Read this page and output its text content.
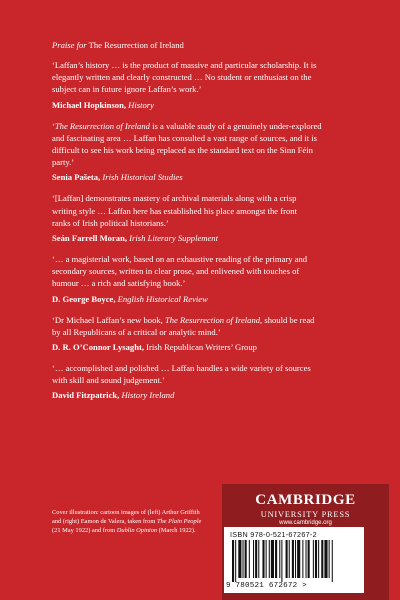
Praise for The Resurrection of Ireland

‘Laffan’s history … is the product of massive and particular scholarship. It is
elegantly written and clearly constructed … No student or enthusiast on the
subject can in future ignore Laffan’s work.’
Michael Hopkinson, History
‘The Resurrection of Ireland is a valuable study of a genuinely under-explored
and fascinating area … Laffan has consulted a vast range of sources, and it is
difficult to see his work being replaced as the standard text on the Sinn Féin
party.’
Senia Pašeta, Irish Historical Studies
‘[Laffan] demonstrates mastery of archival materials along with a crisp
writing style … Laffan here has established his place amongst the front
ranks of Irish political historians.’
Seán Farrell Moran, Irish Literary Supplement
‘… a magisterial work, based on an exhaustive reading of the primary and
secondary sources, written in clear prose, and enlivened with touches of
humour … a rich and satisfying book.’
D. George Boyce, English Historical Review
‘Dr Michael Laffan’s new book, The Resurrection of Ireland, should be read
by all Republicans of a critical or analytic mind.’
D. R. O’Connor Lysaght, Irish Republican Writers’ Group
‘… accomplished and polished … Laffan handles a wide variety of sources
with skill and sound judgement.’
David Fitzpatrick, History Ireland
Cover illustration: cartoon images of (left) Arthur Griffith and (right) Eamon de Valera, taken from The Plain People (21 May 1922) and from Dublin Opinion (March 1922).
CAMBRIDGE
UNIVERSITY PRESS
www.cambridge.org
ISBN 978-0-521-67267-2
9 780521 672672 >
